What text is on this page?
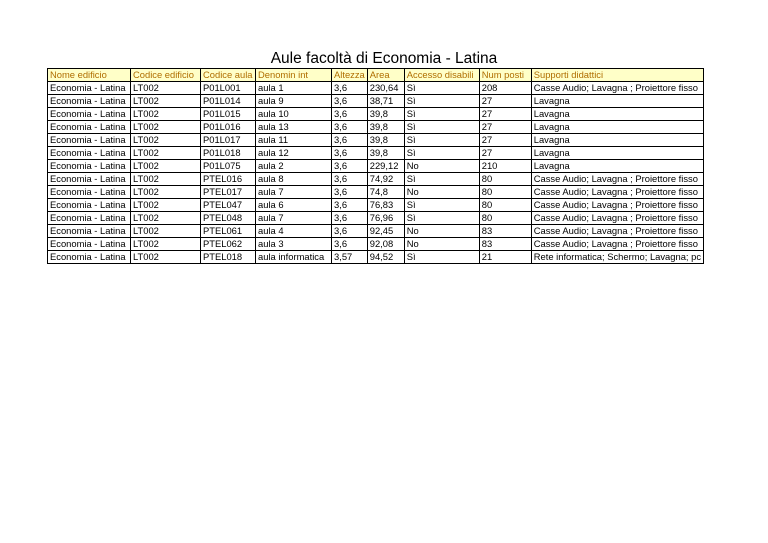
Aule facoltà di Economia - Latina
Nome edificio	Codice edificio	Codice aula	Denomin int	Altezza	Area	Accesso disabili	Num posti	Supporti didattici
Economia - Latina	LT002	P01L001	aula 1	3,6	230,64	Sì	208	Casse Audio; Lavagna ; Proiettore fisso
Economia - Latina	LT002	P01L014	aula 9	3,6	38,71	Sì	27	Lavagna
Economia - Latina	LT002	P01L015	aula 10	3,6	39,8	Sì	27	Lavagna
Economia - Latina	LT002	P01L016	aula 13	3,6	39,8	Sì	27	Lavagna
Economia - Latina	LT002	P01L017	aula 11	3,6	39,8	Sì	27	Lavagna
Economia - Latina	LT002	P01L018	aula 12	3,6	39,8	Sì	27	Lavagna
Economia - Latina	LT002	P01L075	aula 2	3,6	229,12	No	210	Lavagna
Economia - Latina	LT002	PTEL016	aula 8	3,6	74,92	Sì	80	Casse Audio; Lavagna ; Proiettore fisso
Economia - Latina	LT002	PTEL017	aula 7	3,6	74,8	No	80	Casse Audio; Lavagna ; Proiettore fisso
Economia - Latina	LT002	PTEL047	aula 6	3,6	76,83	Sì	80	Casse Audio; Lavagna ; Proiettore fisso
Economia - Latina	LT002	PTEL048	aula 7	3,6	76,96	Sì	80	Casse Audio; Lavagna ; Proiettore fisso
Economia - Latina	LT002	PTEL061	aula 4	3,6	92,45	No	83	Casse Audio; Lavagna ; Proiettore fisso
Economia - Latina	LT002	PTEL062	aula 3	3,6	92,08	No	83	Casse Audio; Lavagna ; Proiettore fisso
Economia - Latina	LT002	PTEL018	aula informatica	3,57	94,52	Sì	21	Rete informatica; Schermo; Lavagna; pc
